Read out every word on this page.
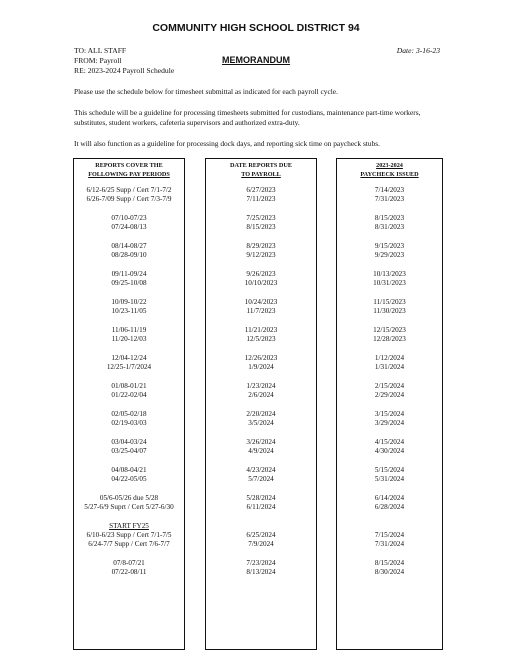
COMMUNITY HIGH SCHOOL DISTRICT 94
TO: ALL STAFF
FROM: Payroll
RE: 2023-2024 Payroll Schedule
Date: 3-16-23
MEMORANDUM
Please use the schedule below for timesheet submittal as indicated for each payroll cycle.
This schedule will be a guideline for processing timesheets submitted for custodians, maintenance part-time workers,
substitutes, student workers, cafeteria supervisors and authorized extra-duty.
It will also function as a guideline for processing dock days, and reporting sick time on paycheck stubs.
REPORTS COVER THE
FOLLOWING PAY PERIODS
6/12-6/25 Supp / Cert 7/1-7/2
6/26-7/09 Supp / Cert 7/3-7/9
07/10-07/23
07/24-08/13
08/14-08/27
08/28-09/10
09/11-09/24
09/25-10/08
10/09-10/22
10/23-11/05
11/06-11/19
11/20-12/03
12/04-12/24
12/25-1/7/2024
01/08-01/21
01/22-02/04
02/05-02/18
02/19-03/03
03/04-03/24
03/25-04/07
04/08-04/21
04/22-05/05
05/6-05/26 due 5/28
5/27-6/9 Suprt / Cert 5/27-6/30
START FY25
6/10-6/23 Supp / Cert 7/1-7/5
6/24-7/7 Supp / Cert 7/6-7/7
07/8-07/21
07/22-08/11
DATE REPORTS DUE
TO PAYROLL
6/27/2023
7/11/2023
7/25/2023
8/15/2023
8/29/2023
9/12/2023
9/26/2023
10/10/2023
10/24/2023
11/7/2023
11/21/2023
12/5/2023
12/26/2023
1/9/2024
1/23/2024
2/6/2024
2/20/2024
3/5/2024
3/26/2024
4/9/2024
4/23/2024
5/7/2024
5/28/2024
6/11/2024
6/25/2024
7/9/2024
7/23/2024
8/13/2024
2023-2024
PAYCHECK ISSUED
7/14/2023
7/31/2023
8/15/2023
8/31/2023
9/15/2023
9/29/2023
10/13/2023
10/31/2023
11/15/2023
11/30/2023
12/15/2023
12/28/2023
1/12/2024
1/31/2024
2/15/2024
2/29/2024
3/15/2024
3/29/2024
4/15/2024
4/30/2024
5/15/2024
5/31/2024
6/14/2024
6/28/2024
7/15/2024
7/31/2024
8/15/2024
8/30/2024
